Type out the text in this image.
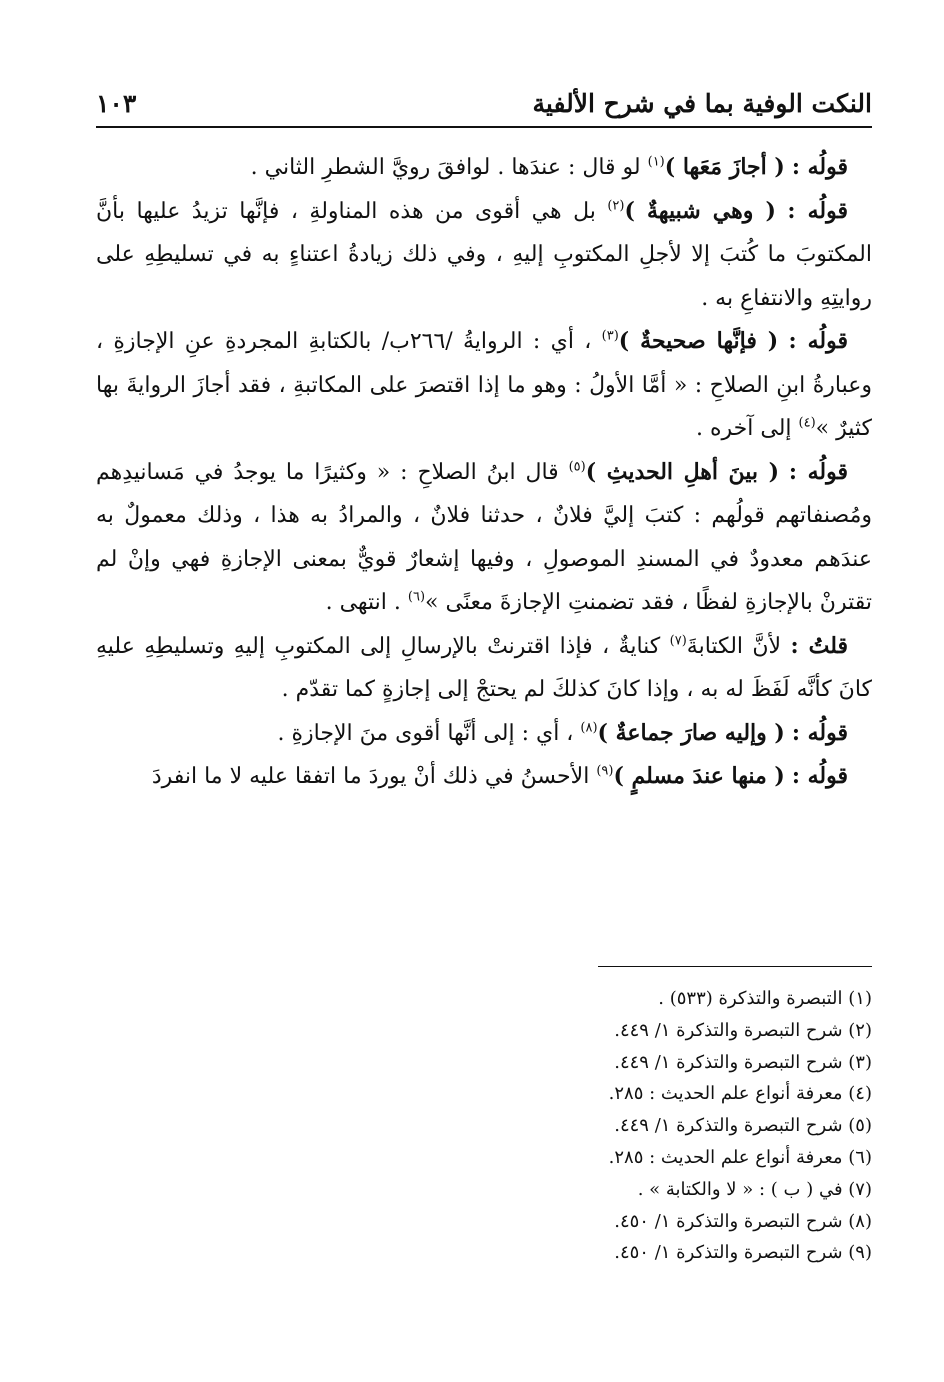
النكت الوفية بما في شرح الألفية
١٠٣

قولُه : ( أجازَ مَعَها )$^{(١)}$ لو قال : عندَها . لوافقَ رويَّ الشطرِ الثاني .

قولُه : ( وهي شبيهةٌ )$^{(٢)}$ بل هي أقوى من هذه المناولةِ ، فإنَّها تزيدُ عليها بأنَّ المكتوبَ ما كُتبَ إلا لأجلِ المكتوبِ إليهِ ، وفي ذلك زيادةُ اعتناءٍ به في تسليطِهِ على روايتِهِ والانتفاعِ به .

قولُه : ( فإنَّها صحيحةٌ )$^{(٣)}$ ، أي : الروايةُ /٢٦٦ب/ بالكتابةِ المجردةِ عنِ الإجازةِ ، وعبارةُ ابنِ الصلاحِ : « أمَّا الأولُ : وهو ما إذا اقتصرَ على المكاتبةِ ، فقد أجازَ الروايةَ بها كثيرٌ »$^{(٤)}$ إلى آخره .

قولُه : ( بينَ أهلِ الحديثِ )$^{(٥)}$ قال ابنُ الصلاحِ : « وكثيرًا ما يوجدُ في مَسانيدِهم ومُصنفاتهم قولُهم : كتبَ إليَّ فلانٌ ، حدثنا فلانٌ ، والمرادُ به هذا ، وذلك معمولٌ به عندَهم معدودٌ في المسندِ الموصولِ ، وفيها إشعارٌ قويٌّ بمعنى الإجازةِ فهي وإنْ لم تقترنْ بالإجازةِ لفظًا ، فقد تضمنتِ الإجازةَ معنًى »$^{(٦)}$ . انتهى .

قلتُ : لأنَّ الكتابةَ$^{(٧)}$ كنايةٌ ، فإذا اقترنتْ بالإرسالِ إلى المكتوبِ إليهِ وتسليطِهِ عليهِ كانَ كأنَّه لَفَظَ له به ، وإذا كانَ كذلكَ لم يحتجْ إلى إجازةٍ كما تقدّم .

قولُه : ( وإليه صارَ جماعةٌ )$^{(٨)}$ ، أي : إلى أنَّها أقوى منَ الإجازةِ .

قولُه : ( منها عندَ مسلمٍ )$^{(٩)}$ الأحسنُ في ذلك أنْ يوردَ ما اتفقا عليه لا ما انفردَ

(١) التبصرة والتذكرة (٥٣٣) .
(٢) شرح التبصرة والتذكرة ١/ ٤٤٩.
(٣) شرح التبصرة والتذكرة ١/ ٤٤٩.
(٤) معرفة أنواع علم الحديث : ٢٨٥.
(٥) شرح التبصرة والتذكرة ١/ ٤٤٩.
(٦) معرفة أنواع علم الحديث : ٢٨٥.
(٧) في ( ب ) : « لا والكتابة » .
(٨) شرح التبصرة والتذكرة ١/ ٤٥٠.
(٩) شرح التبصرة والتذكرة ١/ ٤٥٠.
